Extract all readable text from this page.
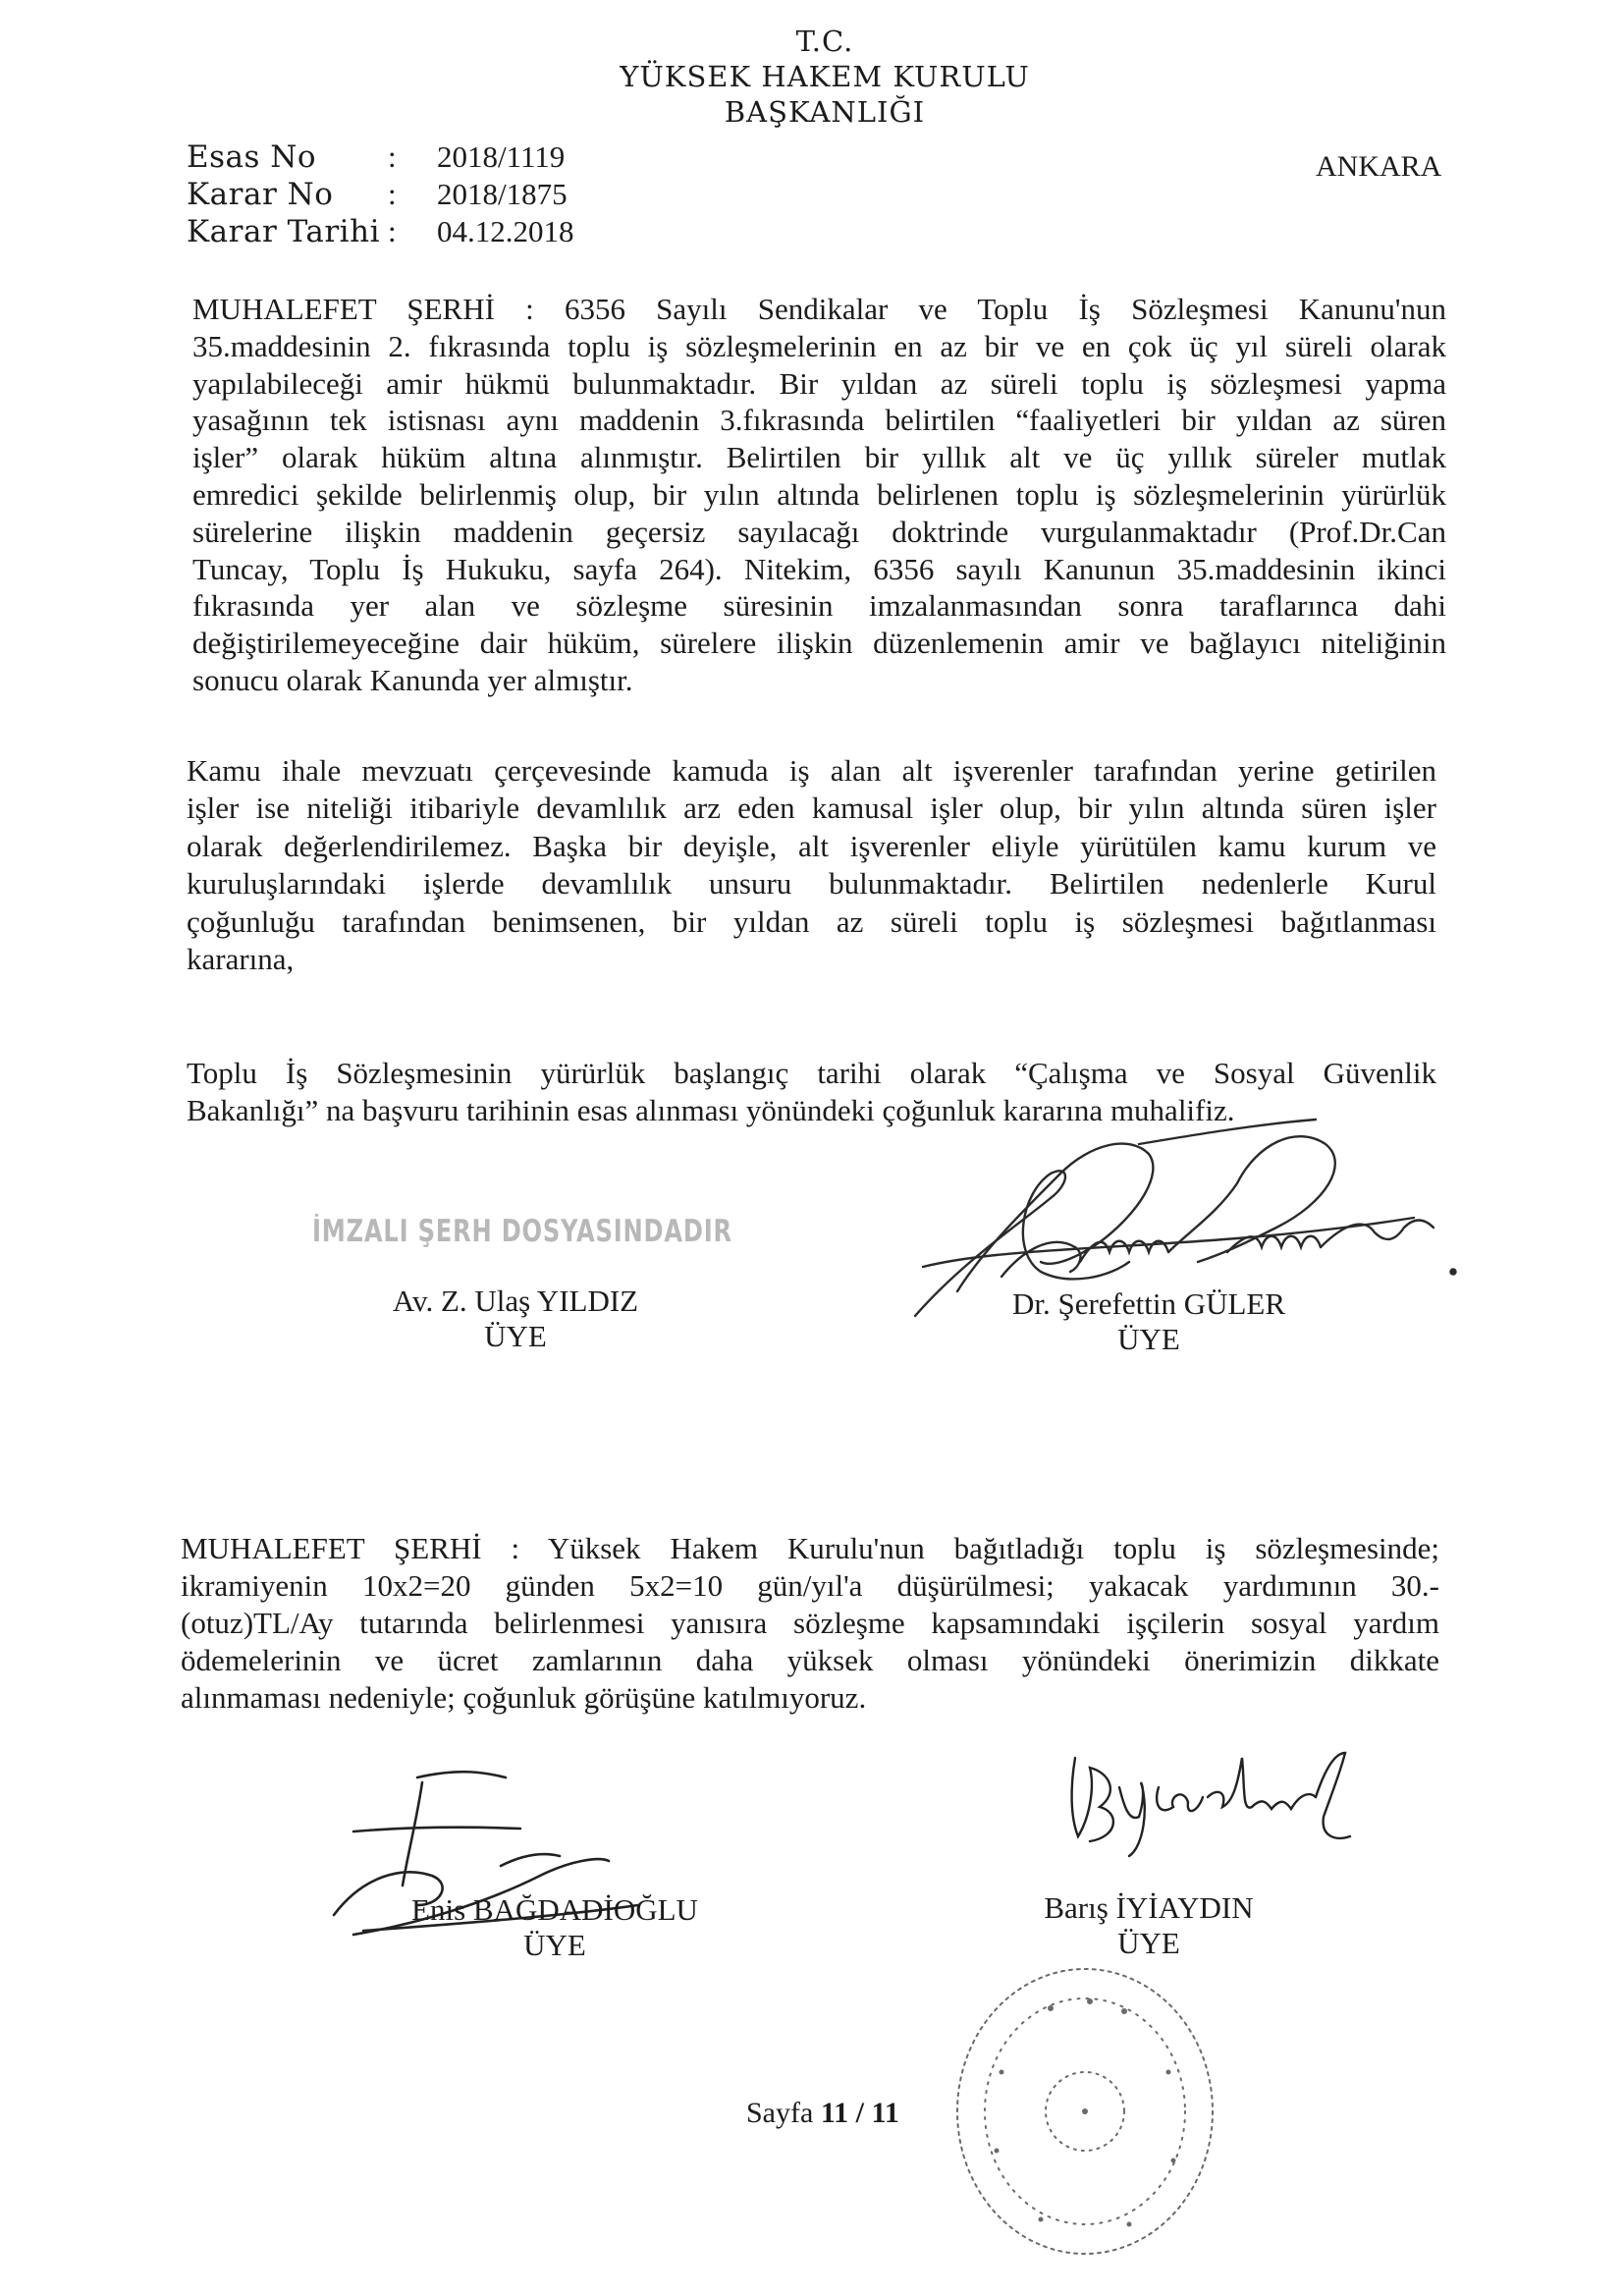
T.C.
YÜKSEK HAKEM KURULU
BAŞKANLIĞI
ANKARA
Esas No : 2018/1119
Karar No : 2018/1875
Karar Tarihi : 04.12.2018
MUHALEFET ŞERHİ : 6356 Sayılı Sendikalar ve Toplu İş Sözleşmesi Kanunu'nun
35.maddesinin 2. fıkrasında toplu iş sözleşmelerinin en az bir ve en çok üç yıl süreli olarak
yapılabileceği amir hükmü bulunmaktadır. Bir yıldan az süreli toplu iş sözleşmesi yapma
yasağının tek istisnası aynı maddenin 3.fıkrasında belirtilen “faaliyetleri bir yıldan az süren
işler” olarak hüküm altına alınmıştır. Belirtilen bir yıllık alt ve üç yıllık süreler mutlak
emredici şekilde belirlenmiş olup, bir yılın altında belirlenen toplu iş sözleşmelerinin yürürlük
sürelerine ilişkin maddenin geçersiz sayılacağı doktrinde vurgulanmaktadır (Prof.Dr.Can
Tuncay, Toplu İş Hukuku, sayfa 264). Nitekim, 6356 sayılı Kanunun 35.maddesinin ikinci
fıkrasında yer alan ve sözleşme süresinin imzalanmasından sonra taraflarınca dahi
değiştirilemeyeceğine dair hüküm, sürelere ilişkin düzenlemenin amir ve bağlayıcı niteliğinin
sonucu olarak Kanunda yer almıştır.
Kamu ihale mevzuatı çerçevesinde kamuda iş alan alt işverenler tarafından yerine getirilen
işler ise niteliği itibariyle devamlılık arz eden kamusal işler olup, bir yılın altında süren işler
olarak değerlendirilemez. Başka bir deyişle, alt işverenler eliyle yürütülen kamu kurum ve
kuruluşlarındaki işlerde devamlılık unsuru bulunmaktadır. Belirtilen nedenlerle Kurul
çoğunluğu tarafından benimsenen, bir yıldan az süreli toplu iş sözleşmesi bağıtlanması
kararına,
Toplu İş Sözleşmesinin yürürlük başlangıç tarihi olarak “Çalışma ve Sosyal Güvenlik
Bakanlığı” na başvuru tarihinin esas alınması yönündeki çoğunluk kararına muhalifiz.
İMZALI ŞERH DOSYASINDADIR
Av. Z. Ulaş YILDIZ
ÜYE
Dr. Şerefettin GÜLER
ÜYE
MUHALEFET ŞERHİ : Yüksek Hakem Kurulu'nun bağıtladığı toplu iş sözleşmesinde;
ikramiyenin 10x2=20 günden 5x2=10 gün/yıl'a düşürülmesi; yakacak yardımının 30.-
(otuz)TL/Ay tutarında belirlenmesi yanısıra sözleşme kapsamındaki işçilerin sosyal yardım
ödemelerinin ve ücret zamlarının daha yüksek olması yönündeki önerimizin dikkate
alınmaması nedeniyle; çoğunluk görüşüne katılmıyoruz.
Enis BAĞDADİOĞLU
ÜYE
Barış İYİAYDIN
ÜYE
Sayfa 11 / 11
